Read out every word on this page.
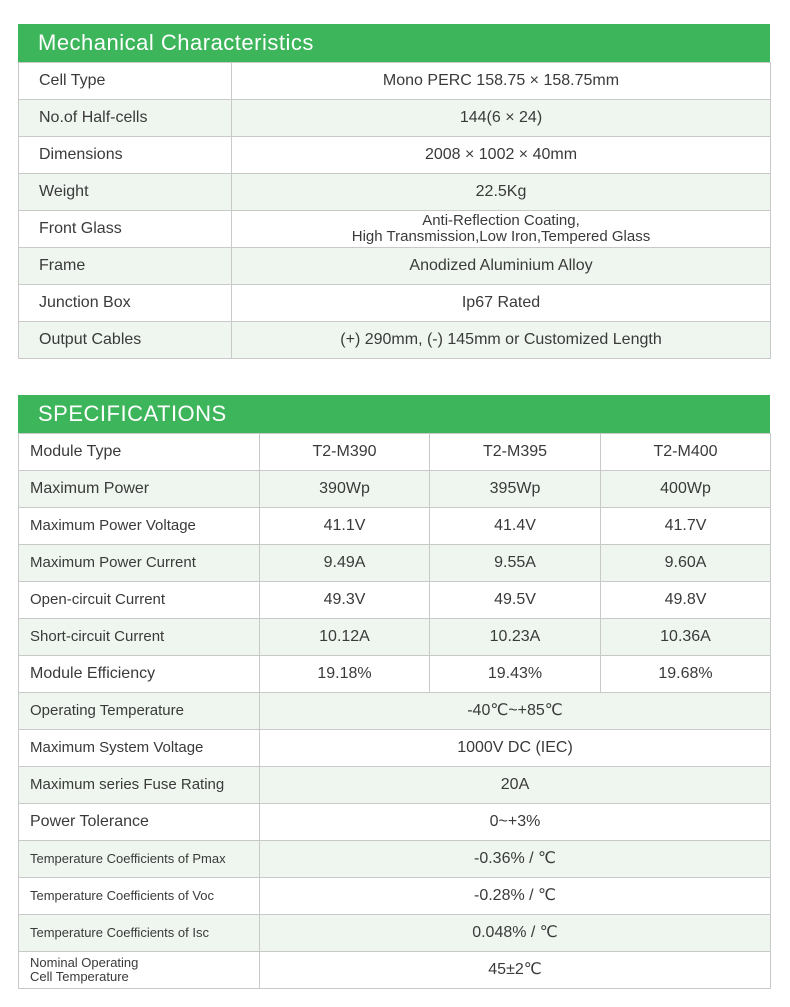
Mechanical Characteristics
Cell Type	Mono PERC 158.75 × 158.75mm
No.of Half-cells	144(6 × 24)
Dimensions	2008 × 1002 × 40mm
Weight	22.5Kg
Front Glass	Anti-Reflection Coating,
High Transmission,Low Iron,Tempered Glass

Frame	Anodized Aluminium Alloy
Junction Box	Ip67 Rated
Output Cables	(+) 290mm, (-) 145mm or Customized Length
SPECIFICATIONS
Module Type	T2-M390	T2-M395	T2-M400
Maximum Power	390Wp	395Wp	400Wp
Maximum Power Voltage	41.1V	41.4V	41.7V
Maximum Power Current	9.49A	9.55A	9.60A
Open-circuit Current	49.3V	49.5V	49.8V
Short-circuit Current	10.12A	10.23A	10.36A
Module Efficiency	19.18%	19.43%	19.68%
Operating Temperature	-40℃~+85℃		
Maximum System Voltage	1000V DC (IEC)		
Maximum series Fuse Rating	20A		
Power Tolerance	0~+3%		
Temperature Coefficients of Pmax	-0.36% / ℃		
Temperature Coefficients of Voc	-0.28% / ℃		
Temperature Coefficients of Isc	0.048% / ℃		

Nominal Operating
Cell Temperature	45±2℃		
